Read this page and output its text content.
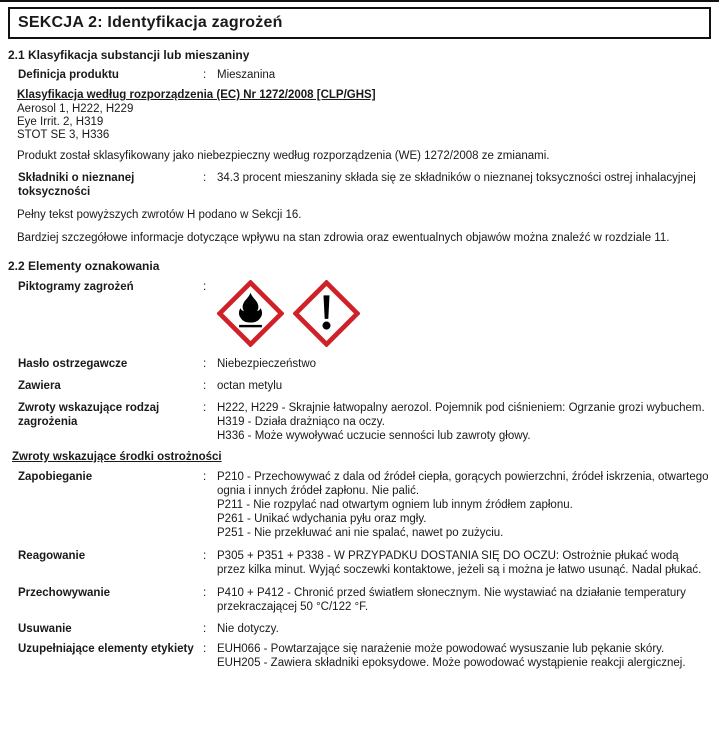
SEKCJA 2: Identyfikacja zagrożeń
2.1 Klasyfikacja substancji lub mieszaniny
Definicja produktu	: Mieszanina
Klasyfikacja według rozporządzenia (EC) Nr 1272/2008 [CLP/GHS]
Aerosol 1, H222, H229
Eye Irrit. 2, H319
STOT SE 3, H336
Produkt został sklasyfikowany jako niebezpieczny według rozporządzenia (WE) 1272/2008 ze zmianami.
Składniki o nieznanej toksyczności
: 34.3 procent mieszaniny składa się ze składników o nieznanej toksyczności ostrej inhalacyjnej
Pełny tekst powyższych zwrotów H podano w Sekcji 16.
Bardziej szczegółowe informacje dotyczące wpływu na stan zdrowia oraz ewentualnych objawów można znaleźć w rozdziale 11.
2.2 Elementy oznakowania
Piktogramy zagrożeń	:
Hasło ostrzegawcze	: Niebezpieczeństwo
Zawiera	: octan metylu
Zwroty wskazujące rodzaj zagrożenia
: H222, H229 - Skrajnie łatwopalny aerozol. Pojemnik pod ciśnieniem: Ogrzanie grozi wybuchem.
H319 - Działa drażniąco na oczy.
H336 - Może wywoływać uczucie senności lub zawroty głowy.
Zwroty wskazujące środki ostrożności
Zapobieganie	: P210 - Przechowywać z dala od źródeł ciepła, gorących powierzchni, źródeł iskrzenia, otwartego ognia i innych źródeł zapłonu. Nie palić.
P211 - Nie rozpylać nad otwartym ogniem lub innym źródłem zapłonu.
P261 - Unikać wdychania pyłu oraz mgły.
P251 - Nie przekłuwać ani nie spalać, nawet po zużyciu.
Reagowanie	: P305 + P351 + P338 - W PRZYPADKU DOSTANIA SIĘ DO OCZU: Ostrożnie płukać wodą przez kilka minut. Wyjąć soczewki kontaktowe, jeżeli są i można je łatwo usunąć. Nadal płukać.
Przechowywanie	: P410 + P412 - Chronić przed światłem słonecznym. Nie wystawiać na działanie temperatury przekraczającej 50 °C/122 °F.
Usuwanie	: Nie dotyczy.
Uzupełniające elementy etykiety : EUH066 - Powtarzające się narażenie może powodować wysuszanie lub pękanie skóry.
EUH205 - Zawiera składniki epoksydowe. Może powodować wystąpienie reakcji alergicznej.
